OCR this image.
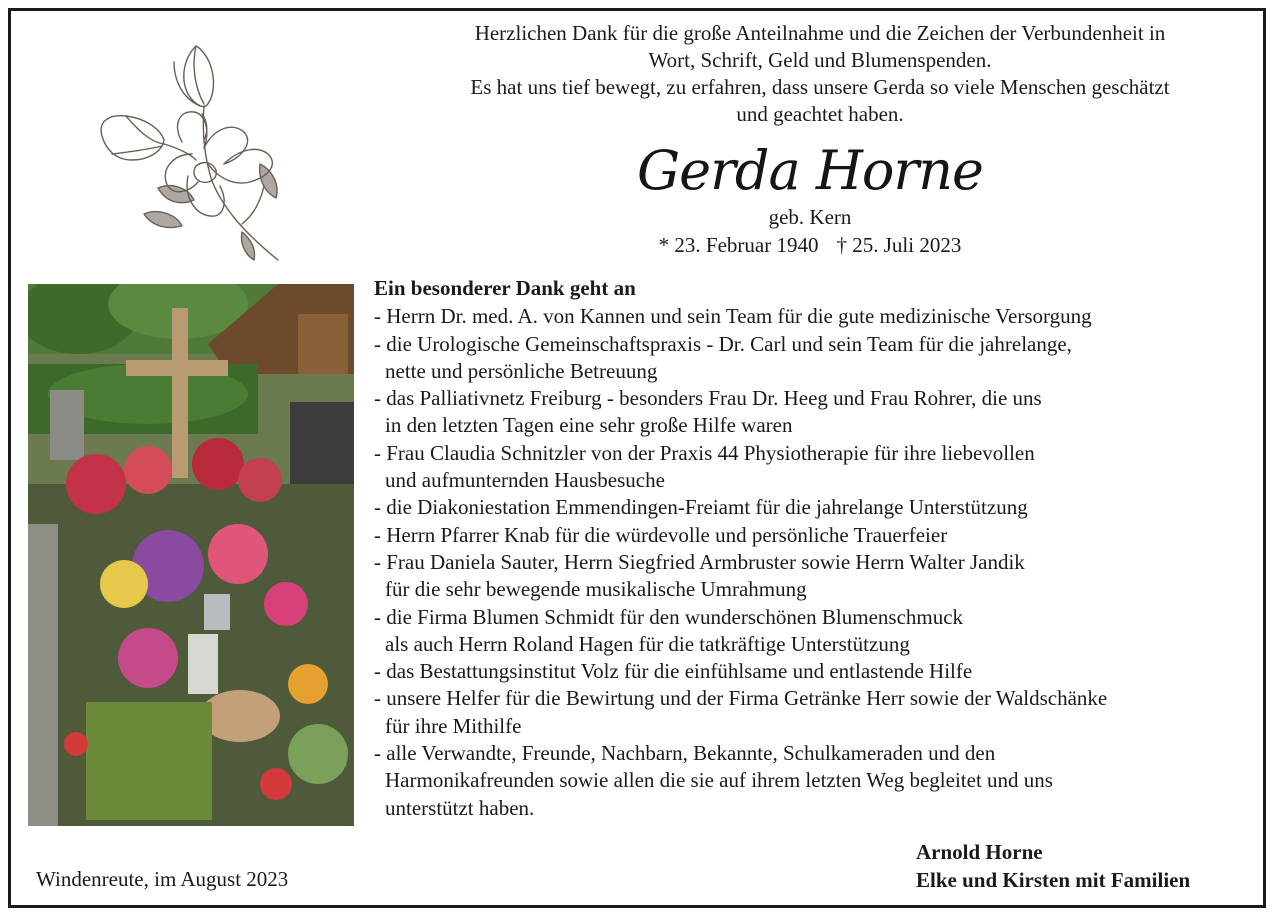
Herzlichen Dank für die große Anteilnahme und die Zeichen der Verbundenheit in
Wort, Schrift, Geld und Blumenspenden.
Es hat uns tief bewegt, zu erfahren, dass unsere Gerda so viele Menschen geschätzt
und geachtet haben.
Gerda Horne
geb. Kern
* 23. Februar 1940 † 25. Juli 2023
Ein besonderer Dank geht an
- Herrn Dr. med. A. von Kannen und sein Team für die gute medizinische Versorgung
- die Urologische Gemeinschaftspraxis - Dr. Carl und sein Team für die jahrelange,
nette und persönliche Betreuung
- das Palliativnetz Freiburg - besonders Frau Dr. Heeg und Frau Rohrer, die uns
in den letzten Tagen eine sehr große Hilfe waren
- Frau Claudia Schnitzler von der Praxis 44 Physiotherapie für ihre liebevollen
und aufmunternden Hausbesuche
- die Diakoniestation Emmendingen-Freiamt für die jahrelange Unterstützung
- Herrn Pfarrer Knab für die würdevolle und persönliche Trauerfeier
- Frau Daniela Sauter, Herrn Siegfried Armbruster sowie Herrn Walter Jandik
für die sehr bewegende musikalische Umrahmung
- die Firma Blumen Schmidt für den wunderschönen Blumenschmuck
als auch Herrn Roland Hagen für die tatkräftige Unterstützung
- das Bestattungsinstitut Volz für die einfühlsame und entlastende Hilfe
- unsere Helfer für die Bewirtung und der Firma Getränke Herr sowie der Waldschänke
für ihre Mithilfe
- alle Verwandte, Freunde, Nachbarn, Bekannte, Schulkameraden und den
Harmonikafreunden sowie allen die sie auf ihrem letzten Weg begleitet und uns
unterstützt haben.
Windenreute, im August 2023
Arnold Horne
Elke und Kirsten mit Familien
